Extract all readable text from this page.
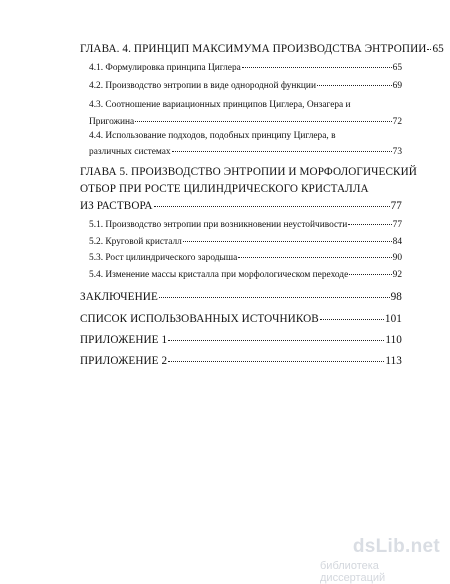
ГЛАВА. 4. ПРИНЦИП МАКСИМУМА ПРОИЗВОДСТВА ЭНТРОПИИ 65
4.1. Формулировка принципа Циглера	65
4.2. Производство энтропии в виде однородной функции	69
4.3. Соотношение вариационных принципов Циглера, Онзагера и
Пригожина	72
4.4. Использование подходов, подобных принципу Циглера, в
различных системах	73
ГЛАВА 5. ПРОИЗВОДСТВО ЭНТРОПИИ И МОРФОЛОГИЧЕСКИЙ
ОТБОР ПРИ РОСТЕ ЦИЛИНДРИЧЕСКОГО КРИСТАЛЛА
ИЗ РАСТВОРА	77
5.1. Производство энтропии при возникновении неустойчивости	77
5.2. Круговой кристалл	84
5.3. Рост цилиндрического зародыша	90
5.4. Изменение массы кристалла при морфологическом переходе	92
ЗАКЛЮЧЕНИЕ	98
СПИСОК ИСПОЛЬЗОВАННЫХ ИСТОЧНИКОВ	101
ПРИЛОЖЕНИЕ 1	110
ПРИЛОЖЕНИЕ 2	113
dsLib.net
библиотека диссертаций
